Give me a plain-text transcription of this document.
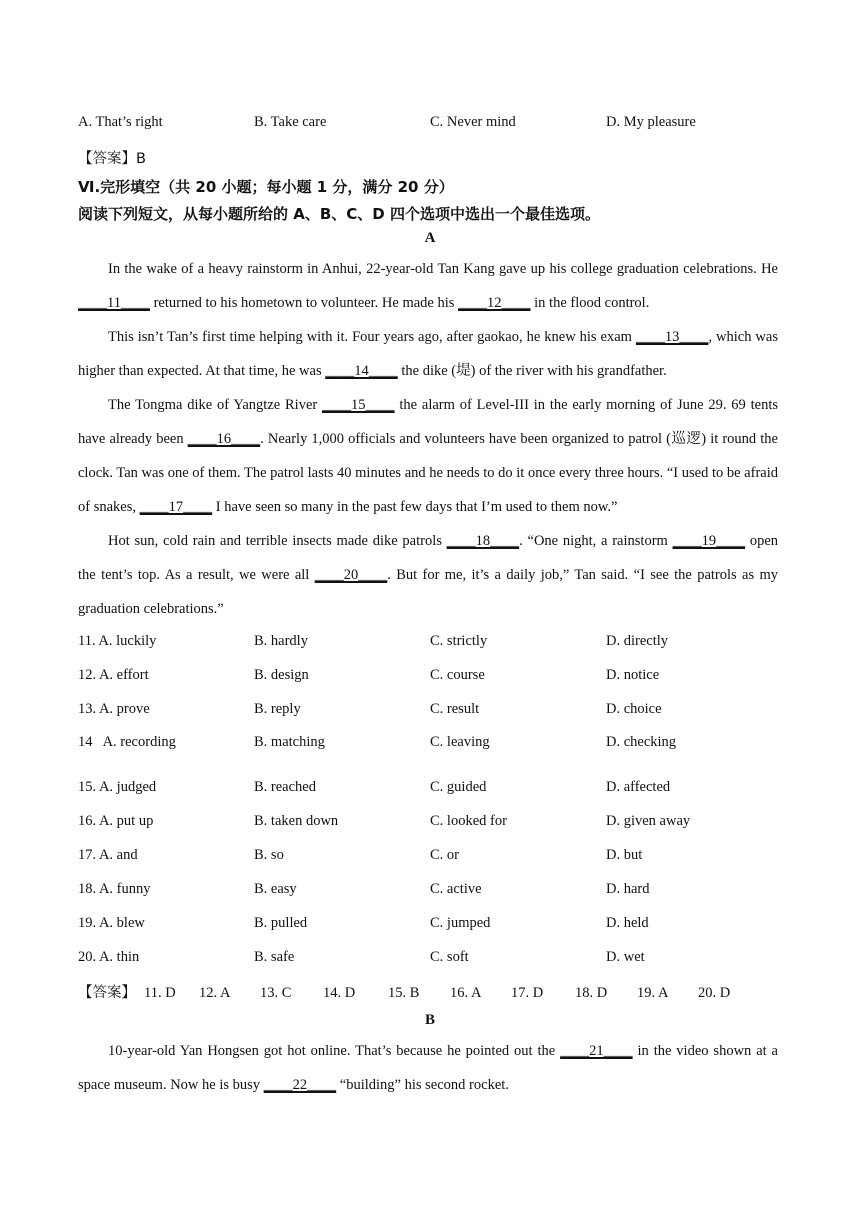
A. That’s right	B. Take care	C. Never mind	D. My pleasure
【答案】B
Ⅵ.完形填空（共 20 小题；每小题 1 分，满分 20 分）
阅读下列短文，从每小题所给的 A、B、C、D 四个选项中选出一个最佳选项。
A

In the wake of a heavy rainstorm in Anhui, 22-year-old Tan Kang gave up his college graduation celebrations. He ____11____ returned to his hometown to volunteer. He made his ____12____ in the flood control.

This isn’t Tan’s first time helping with it. Four years ago, after gaokao, he knew his exam ____13____, which was higher than expected. At that time, he was ____14____ the dike (堤) of the river with his grandfather.

The Tongma dike of Yangtze River ____15____ the alarm of Level-III in the early morning of June 29. 69 tents have already been ____16____. Nearly 1,000 officials and volunteers have been organized to patrol (巡逻) it round the clock. Tan was one of them. The patrol lasts 40 minutes and he needs to do it once every three hours. “I used to be afraid of snakes, ____17____ I have seen so many in the past few days that I’m used to them now.”

Hot sun, cold rain and terrible insects made dike patrols ____18____. “One night, a rainstorm ____19____ open the tent’s top. As a result, we were all ____20____. But for me, it’s a daily job,” Tan said. “I see the patrols as my graduation celebrations.”

11. A. luckily	B. hardly	C. strictly	D. directly
12. A. effort	B. design	C. course	D. notice
13. A. prove	B. reply	C. result	D. choice
14   A. recording	B. matching	C. leaving	D. checking
15. A. judged	B. reached	C. guided	D. affected
16. A. put up	B. taken down	C. looked for	D. given away
17. A. and	B. so	C. or	D. but
18. A. funny	B. easy	C. active	D. hard
19. A. blew	B. pulled	C. jumped	D. held
20. A. thin	B. safe	C. soft	D. wet
【答案】 11. D 12. A 13. C 14. D 15. B 16. A 17. D 18. D 19. A 20. D
B

10-year-old Yan Hongsen got hot online. That’s because he pointed out the ____21____ in the video shown at a space museum. Now he is busy ____22____ “building” his second rocket.
